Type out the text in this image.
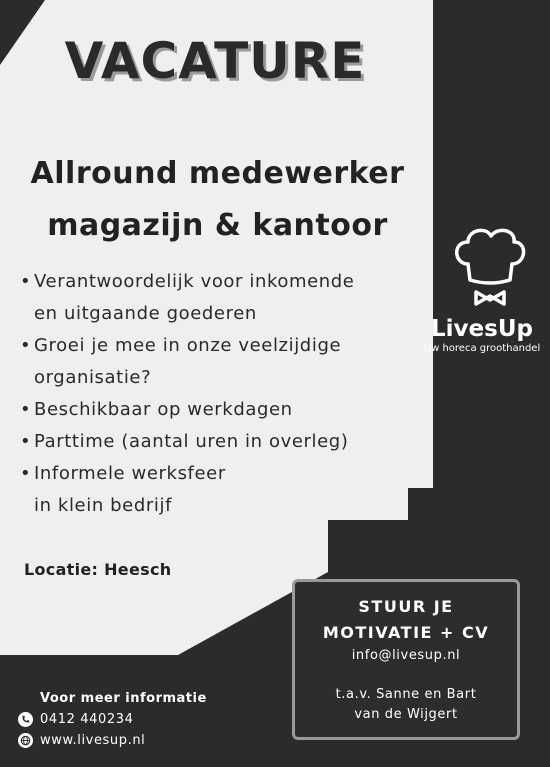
VACATURE
Allround medewerker
magazijn & kantoor
• Verantwoordelijk voor inkomende
en uitgaande goederen
• Groei je mee in onze veelzijdige
organisatie?
• Beschikbaar op werkdagen
• Parttime (aantal uren in overleg)
• Informele werksfeer
in klein bedrijf
Locatie: Heesch
LivesUp
Uw horeca groothandel
STUUR JE
MOTIVATIE + CV
info@livesup.nl
t.a.v. Sanne en Bart
van de Wijgert
Voor meer informatie
0412 440234
www.livesup.nl
